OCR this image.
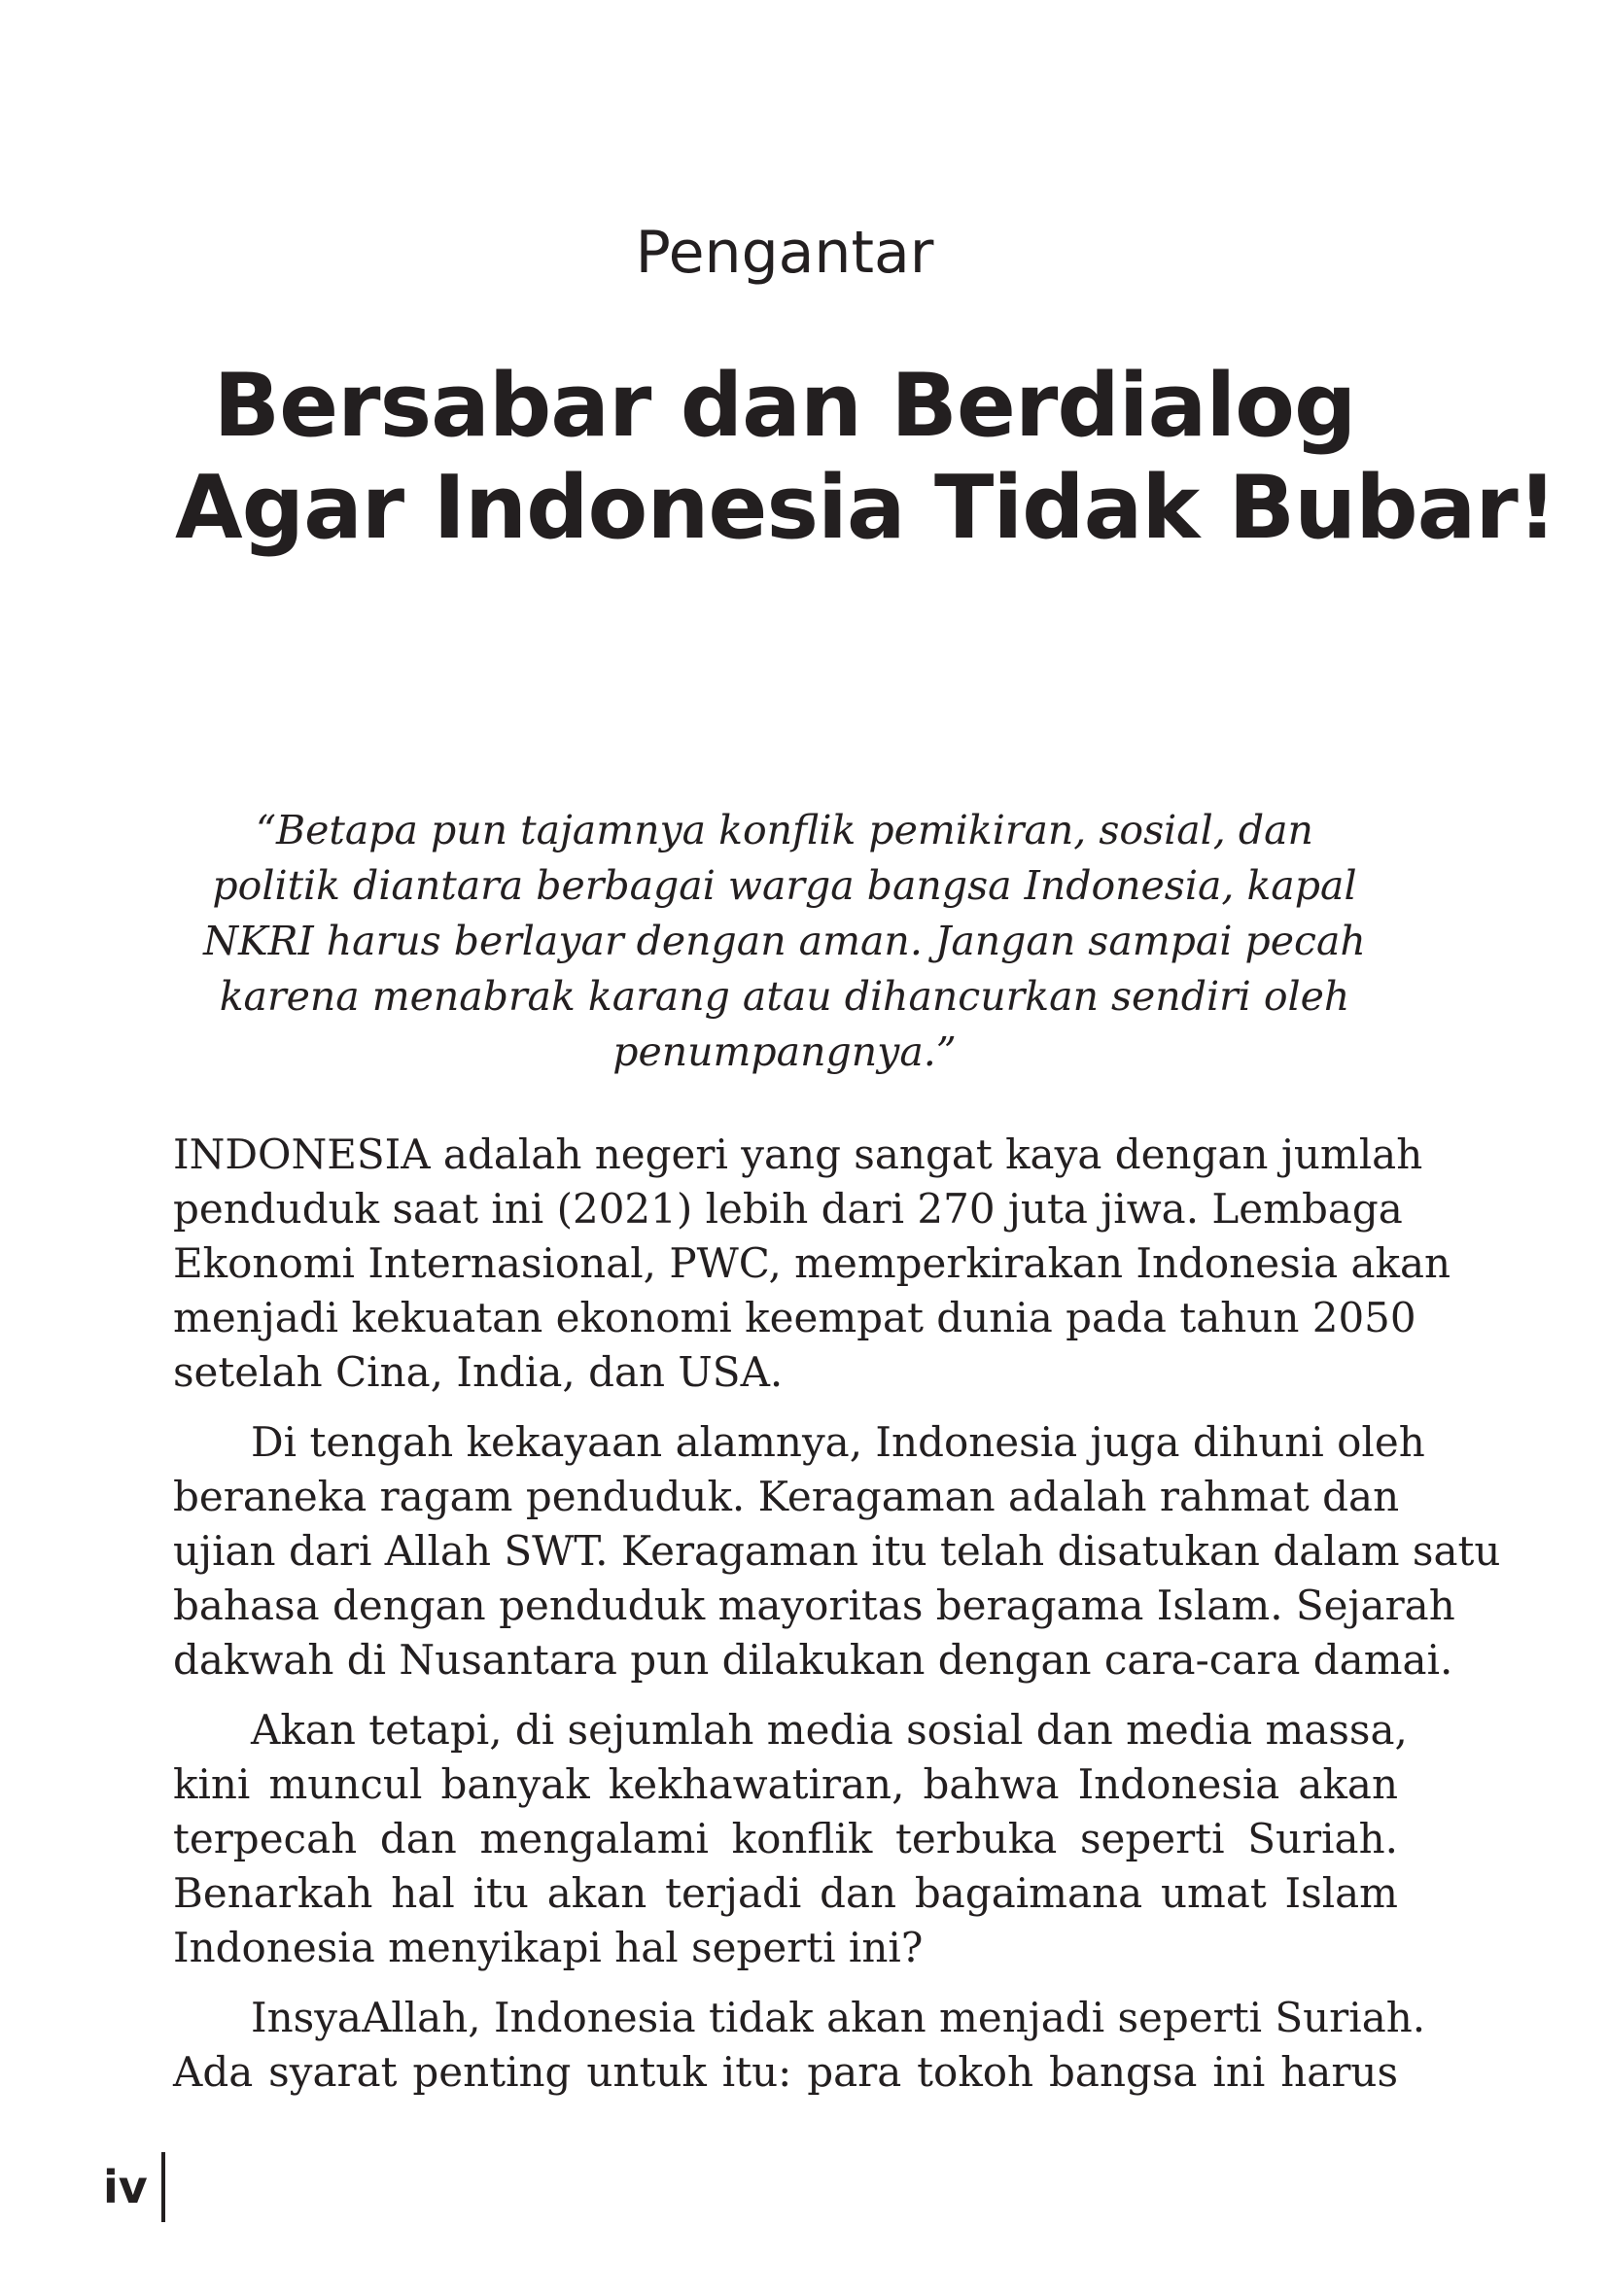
Pengantar
Bersabar dan Berdialog
Agar Indonesia Tidak Bubar!
“Betapa pun tajamnya konflik pemikiran, sosial, dan
politik diantara berbagai warga bangsa Indonesia, kapal
NKRI harus berlayar dengan aman. Jangan sampai pecah
karena menabrak karang atau dihancurkan sendiri oleh
penumpangnya.”

INDONESIA adalah negeri yang sangat kaya dengan jumlah
penduduk saat ini (2021) lebih dari 270 juta jiwa. Lembaga
Ekonomi Internasional, PWC, memperkirakan Indonesia akan
menjadi kekuatan ekonomi keempat dunia pada tahun 2050
setelah Cina, India, dan USA.

Di tengah kekayaan alamnya, Indonesia juga dihuni oleh
beraneka ragam penduduk. Keragaman adalah rahmat dan
ujian dari Allah SWT. Keragaman itu telah disatukan dalam satu
bahasa dengan penduduk mayoritas beragama Islam. Sejarah
dakwah di Nusantara pun dilakukan dengan cara-cara damai.

Akan tetapi, di sejumlah media sosial dan media massa,
kini muncul banyak kekhawatiran, bahwa Indonesia akan
terpecah dan mengalami konflik terbuka seperti Suriah.
Benarkah hal itu akan terjadi dan bagaimana umat Islam
Indonesia menyikapi hal seperti ini?

InsyaAllah, Indonesia tidak akan menjadi seperti Suriah.
Ada syarat penting untuk itu: para tokoh bangsa ini harus

iv
